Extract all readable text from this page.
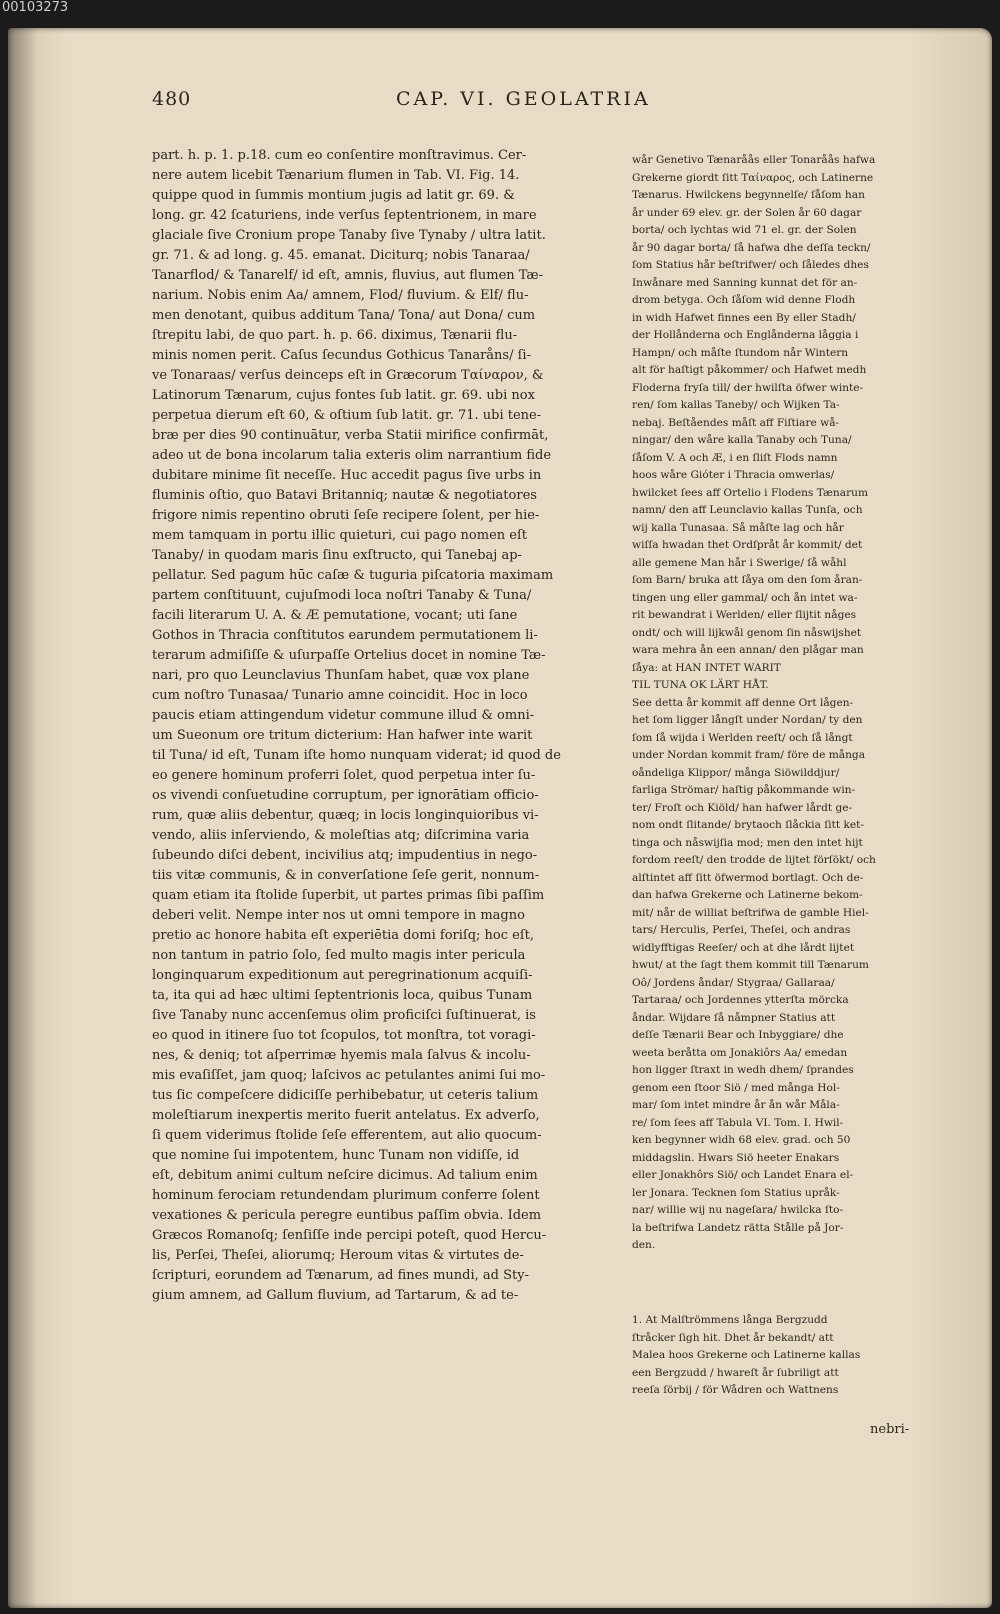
00103273
480	CAP. VI. GEOLATRIA
part. h. p. 1. p.18. cum eo conſentire monſtravimus. Cer-
nere autem licebit Tænarium flumen in Tab. VI. Fig. 14.
quippe quod in ſummis montium jugis ad latit gr. 69. &
long. gr. 42 ſcaturiens, inde verſus ſeptentrionem, in mare
glaciale ſive Cronium prope Tanaby ſive Tynaby / ultra latit.
gr. 71. & ad long. g. 45. emanat. Diciturq; nobis Tanaraa/
Tanarflod/ & Tanarelf/ id eſt, amnis, fluvius, aut flumen Tæ-
narium. Nobis enim Aa/ amnem, Flod/ fluvium. & Elf/ flu-
men denotant, quibus additum Tana/ Tona/ aut Dona/ cum
ſtrepitu labi, de quo part. h. p. 66. diximus, Tænarii flu-
minis nomen perit. Caſus ſecundus Gothicus Tanaråns/ ſi-
ve Tonaraas/ verſus deinceps eſt in Græcorum Ταίναρον, &
Latinorum Tænarum, cujus fontes ſub latit. gr. 69. ubi nox
perpetua dierum eſt 60, & oſtium ſub latit. gr. 71. ubi tene-
bræ per dies 90 continuātur, verba Statii mirifice confirmāt,
adeo ut de bona incolarum talia exteris olim narrantium fide
dubitare minime ſit neceſſe. Huc accedit pagus ſive urbs in
fluminis oſtio, quo Batavi Britanniq; nautæ & negotiatores
frigore nimis repentino obruti ſeſe recipere ſolent, per hie-
mem tamquam in portu illic quieturi, cui pago nomen eſt
Tanaby/ in quodam maris ſinu exſtructo, qui Tanebaj ap-
pellatur. Sed pagum hūc caſæ & tuguria piſcatoria maximam
partem conſtituunt, cujuſmodi loca noſtri Tanaby & Tuna/
facili literarum U. A. & Æ pemutatione, vocant; uti ſane
Gothos in Thracia conſtitutos earundem permutationem li-
terarum admiſiſſe & uſurpaſſe Ortelius docet in nomine Tæ-
nari, pro quo Leunclavius Thunſam habet, quæ vox plane
cum noſtro Tunasaa/ Tunario amne coincidit. Hoc in loco
paucis etiam attingendum videtur commune illud & omni-
um Sueonum ore tritum dicterium: Han hafwer inte warit
til Tuna/ id eſt, Tunam iſte homo nunquam viderat; id quod de
eo genere hominum proferri ſolet, quod perpetua inter ſu-
os vivendi conſuetudine corruptum, per ignorātiam officio-
rum, quæ aliis debentur, quæq; in locis longinquioribus vi-
vendo, aliis inſerviendo, & moleſtias atq; diſcrimina varia
ſubeundo diſci debent, incivilius atq; impudentius in nego-
tiis vitæ communis, & in converſatione ſeſe gerit, nonnum-
quam etiam ita ſtolide ſuperbit, ut partes primas ſibi paſſim
deberi velit. Nempe inter nos ut omni tempore in magno
pretio ac honore habita eſt experiētia domi foriſq; hoc eſt,
non tantum in patrio ſolo, ſed multo magis inter pericula
longinquarum expeditionum aut peregrinationum acquiſi-
ta, ita qui ad hæc ultimi ſeptentrionis loca, quibus Tunam
ſive Tanaby nunc accenſemus olim proficiſci ſuſtinuerat, is
eo quod in itinere ſuo tot ſcopulos, tot monſtra, tot voragi-
nes, & deniq; tot aſperrimæ hyemis mala ſalvus & incolu-
mis evaſiſſet, jam quoq; laſcivos ac petulantes animi ſui mo-
tus ſic compeſcere didiciſſe perhibebatur, ut ceteris talium
moleſtiarum inexpertis merito fuerit antelatus. Ex adverſo,
ſi quem viderimus ſtolide ſeſe efferentem, aut alio quocum-
que nomine ſui impotentem, hunc Tunam non vidiſſe, id
eſt, debitum animi cultum neſcire dicimus. Ad talium enim
hominum ferociam retundendam plurimum conferre ſolent
vexationes & pericula peregre euntibus paſſim obvia. Idem
Græcos Romanoſq; ſenſiſſe inde percipi poteſt, quod Hercu-
lis, Perſei, Theſei, aliorumq; Heroum vitas & virtutes de-
ſcripturi, eorundem ad Tænarum, ad fines mundi, ad Sty-
gium amnem, ad Gallum fluvium, ad Tartarum, & ad te-
wår Genetivo Tænaråås eller Tonaråås hafwa
Grekerne giordt ſitt Ταίναρος, och Latinerne
Tænarus. Hwilckens begynnelſe/ ſåſom han
år under 69 elev. gr. der Solen år 60 dagar
borta/ och lychtas wid 71 el. gr. der Solen
år 90 dagar borta/ ſå hafwa dhe deſſa teckn/
ſom Statius hår beſtrifwer/ och ſåledes dhes
Inwånare med Sanning kunnat det för an-
drom betyga. Och ſåſom wid denne Flodh
in widh Hafwet finnes een By eller Stadh/
der Hollånderna och Englånderna låggia i
Hampn/ och måſte ſtundom når Wintern
alt för haſtigt påkommer/ och Hafwet medh
Floderna fryſa till/ der hwilſta öfwer winte-
ren/ ſom kallas Taneby/ och Wijken Ta-
nebaj. Beſtåendes måſt aff Fiſtiare wå-
ningar/ den wåre kalla Tanaby och Tuna/
ſåſom V. A och Æ, i en ſliſt Flods namn
hoos wåre Gióter i Thracia omwerlas/
hwilcket ſees aff Ortelio i Flodens Tænarum
namn/ den aff Leunclavio kallas Tunſa, och
wij kalla Tunasaa. Så måſte lag och hår
wiſſa hwadan thet Ordſpråt år kommit/ det
alle gemene Man hår i Swerige/ ſå wåhl
ſom Barn/ bruka att ſåya om den ſom åran-
tingen ung eller gammal/ och ån intet wa-
rit bewandrat i Werlden/ eller ſlijtit någes
ondt/ och will lijkwål genom ſin nåswijshet
wara mehra ån een annan/ den plågar man
ſåya: at HAN INTET WARIT
TIL TUNA OK LÄRT HÅT.
See detta år kommit aff denne Ort lågen-
het ſom ligger långſt under Nordan/ ty den
ſom ſå wijda i Werlden reeſt/ och ſå långt
under Nordan kommit fram/ före de många
oåndeliga Klippor/ många Siöwilddjur/
farliga Strömar/ haſtig påkommande win-
ter/ Froſt och Kiöld/ han hafwer lårdt ge-
nom ondt ſlitande/ brytaoch ſlåckia ſitt ket-
tinga och nåswijſia mod; men den intet hijt
fordom reeſt/ den trodde de lijtet förſökt/ och
alſtintet aff ſitt öfwermod bortlagt. Och de-
dan hafwa Grekerne och Latinerne bekom-
mit/ når de williat beſtrifwa de gamble Hiel-
tars/ Herculis, Perſei, Theſei, och andras
widlyfftigas Reeſer/ och at dhe lårdt lijtet
hwut/ at the ſagt them kommit till Tænarum
Oô/ Jordens åndar/ Stygraa/ Gallaraa/
Tartaraa/ och Jordennes ytterſta mörcka
åndar. Wijdare ſå nåmpner Statius att
deſſe Tænarii Bear och Inbyggiare/ dhe
weeta beråtta om Jonakiôrs Aa/ emedan
hon ligger ſtraxt in wedh dhem/ ſprandes
genom een ſtoor Siö / med många Hol-
mar/ ſom intet mindre år ån wår Måla-
re/ ſom ſees aff Tabula VI. Tom. I. Hwil-
ken begynner widh 68 elev. grad. och 50
middagslin. Hwars Siö heeter Enakars
eller Jonakhôrs Siö/ och Landet Enara el-
ler Jonara. Tecknen ſom Statius upråk-
nar/ willie wij nu nageſara/ hwilcka ſto-
la beſtrifwa Landetz rätta Stålle på Jor-
den.
1. At Malſtrömmens långa Bergzudd
ſtråcker ſigh hit. Dhet år bekandt/ att
Malea hoos Grekerne och Latinerne kallas
een Bergzudd / hwareſt år ſubriligt att
reeſa ſörbij / för Wådren och Wattnens
nebri-
